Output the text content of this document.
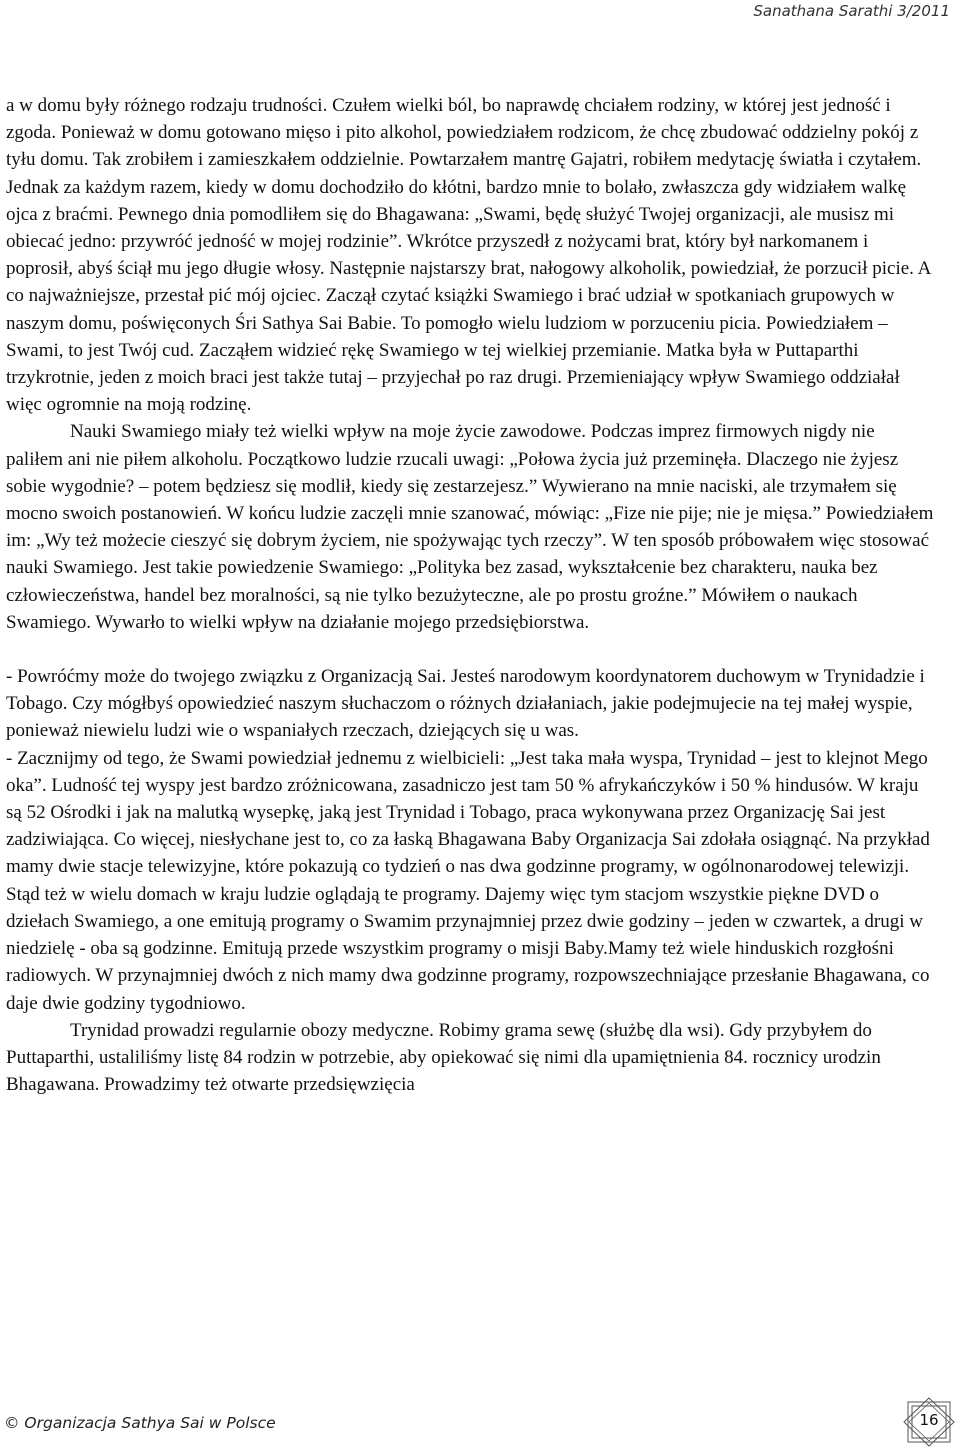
Sanathana Sarathi 3/2011

a w domu były różnego rodzaju trudności. Czułem wielki ból, bo naprawdę chciałem rodziny, w której jest jedność i zgoda. Ponieważ w domu gotowano mięso i pito alkohol, powiedziałem rodzicom, że chcę zbudować oddzielny pokój z tyłu domu. Tak zrobiłem i zamieszkałem oddzielnie. Powtarzałem mantrę Gajatri, robiłem medytację światła i czytałem. Jednak za każdym razem, kiedy w domu dochodziło do kłótni, bardzo mnie to bolało, zwłaszcza gdy widziałem walkę ojca z braćmi. Pewnego dnia pomodliłem się do Bhagawana: „Swami, będę służyć Twojej organizacji, ale musisz mi obiecać jedno: przywróć jedność w mojej rodzinie”. Wkrótce przyszedł z nożycami brat, który był narkomanem i poprosił, abyś ściął mu jego długie włosy. Następnie najstarszy brat, nałogowy alkoholik, powiedział, że porzucił picie. A co najważniejsze, przestał pić mój ojciec. Zaczął czytać książki Swamiego i brać udział w spotkaniach grupowych w naszym domu, poświęconych Śri Sathya Sai Babie. To pomogło wielu ludziom w porzuceniu picia. Powiedziałem – Swami, to jest Twój cud. Zacząłem widzieć rękę Swamiego w tej wielkiej przemianie. Matka była w Puttaparthi trzykrotnie, jeden z moich braci jest także tutaj – przyjechał po raz drugi. Przemieniający wpływ Swamiego oddziałał więc ogromnie na moją rodzinę.

Nauki Swamiego miały też wielki wpływ na moje życie zawodowe. Podczas imprez firmowych nigdy nie paliłem ani nie piłem alkoholu. Początkowo ludzie rzucali uwagi: „Połowa życia już przeminęła. Dlaczego nie żyjesz sobie wygodnie? – potem będziesz się modlił, kiedy się zestarzejesz.” Wywierano na mnie naciski, ale trzymałem się mocno swoich postanowień. W końcu ludzie zaczęli mnie szanować, mówiąc: „Fize nie pije; nie je mięsa.” Powiedziałem im: „Wy też możecie cieszyć się dobrym życiem, nie spożywając tych rzeczy”. W ten sposób próbowałem więc stosować nauki Swamiego. Jest takie powiedzenie Swamiego: „Polityka bez zasad, wykształcenie bez charakteru, nauka bez człowieczeństwa, handel bez moralności, są nie tylko bezużyteczne, ale po prostu groźne.” Mówiłem o naukach Swamiego. Wywarło to wielki wpływ na działanie mojego przedsiębiorstwa.

- Powróćmy może do twojego związku z Organizacją Sai. Jesteś narodowym koordynatorem duchowym w Trynidadzie i Tobago. Czy mógłbyś opowiedzieć naszym słuchaczom o różnych działaniach, jakie podejmujecie na tej małej wyspie, ponieważ niewielu ludzi wie o wspaniałych rzeczach, dziejących się u was.

- Zacznijmy od tego, że Swami powiedział jednemu z wielbicieli: „Jest taka mała wyspa, Trynidad – jest to klejnot Mego oka”. Ludność tej wyspy jest bardzo zróżnicowana, zasadniczo jest tam 50 % afrykańczyków i 50 % hindusów. W kraju są 52 Ośrodki i jak na malutką wysepkę, jaką jest Trynidad i Tobago, praca wykonywana przez Organizację Sai jest zadziwiająca. Co więcej, niesłychane jest to, co za łaską Bhagawana Baby Organizacja Sai zdołała osiągnąć. Na przykład mamy dwie stacje telewizyjne, które pokazują co tydzień o nas dwa godzinne programy, w ogólnonarodowej telewizji. Stąd też w wielu domach w kraju ludzie oglądają te programy. Dajemy więc tym stacjom wszystkie piękne DVD o dziełach Swamiego, a one emitują programy o Swamim przynajmniej przez dwie godziny – jeden w czwartek, a drugi w niedzielę - oba są godzinne. Emitują przede wszystkim programy o misji Baby.Mamy też wiele hinduskich rozgłośni radiowych. W przynajmniej dwóch z nich mamy dwa godzinne programy, rozpowszechniające przesłanie Bhagawana, co daje dwie godziny tygodniowo.

Trynidad prowadzi regularnie obozy medyczne. Robimy grama sewę (służbę dla wsi). Gdy przybyłem do Puttaparthi, ustaliliśmy listę 84 rodzin w potrzebie, aby opiekować się nimi dla upamiętnienia 84. rocznicy urodzin Bhagawana. Prowadzimy też otwarte przedsięwzięcia

© Organizacja Sathya Sai w Polsce	16
